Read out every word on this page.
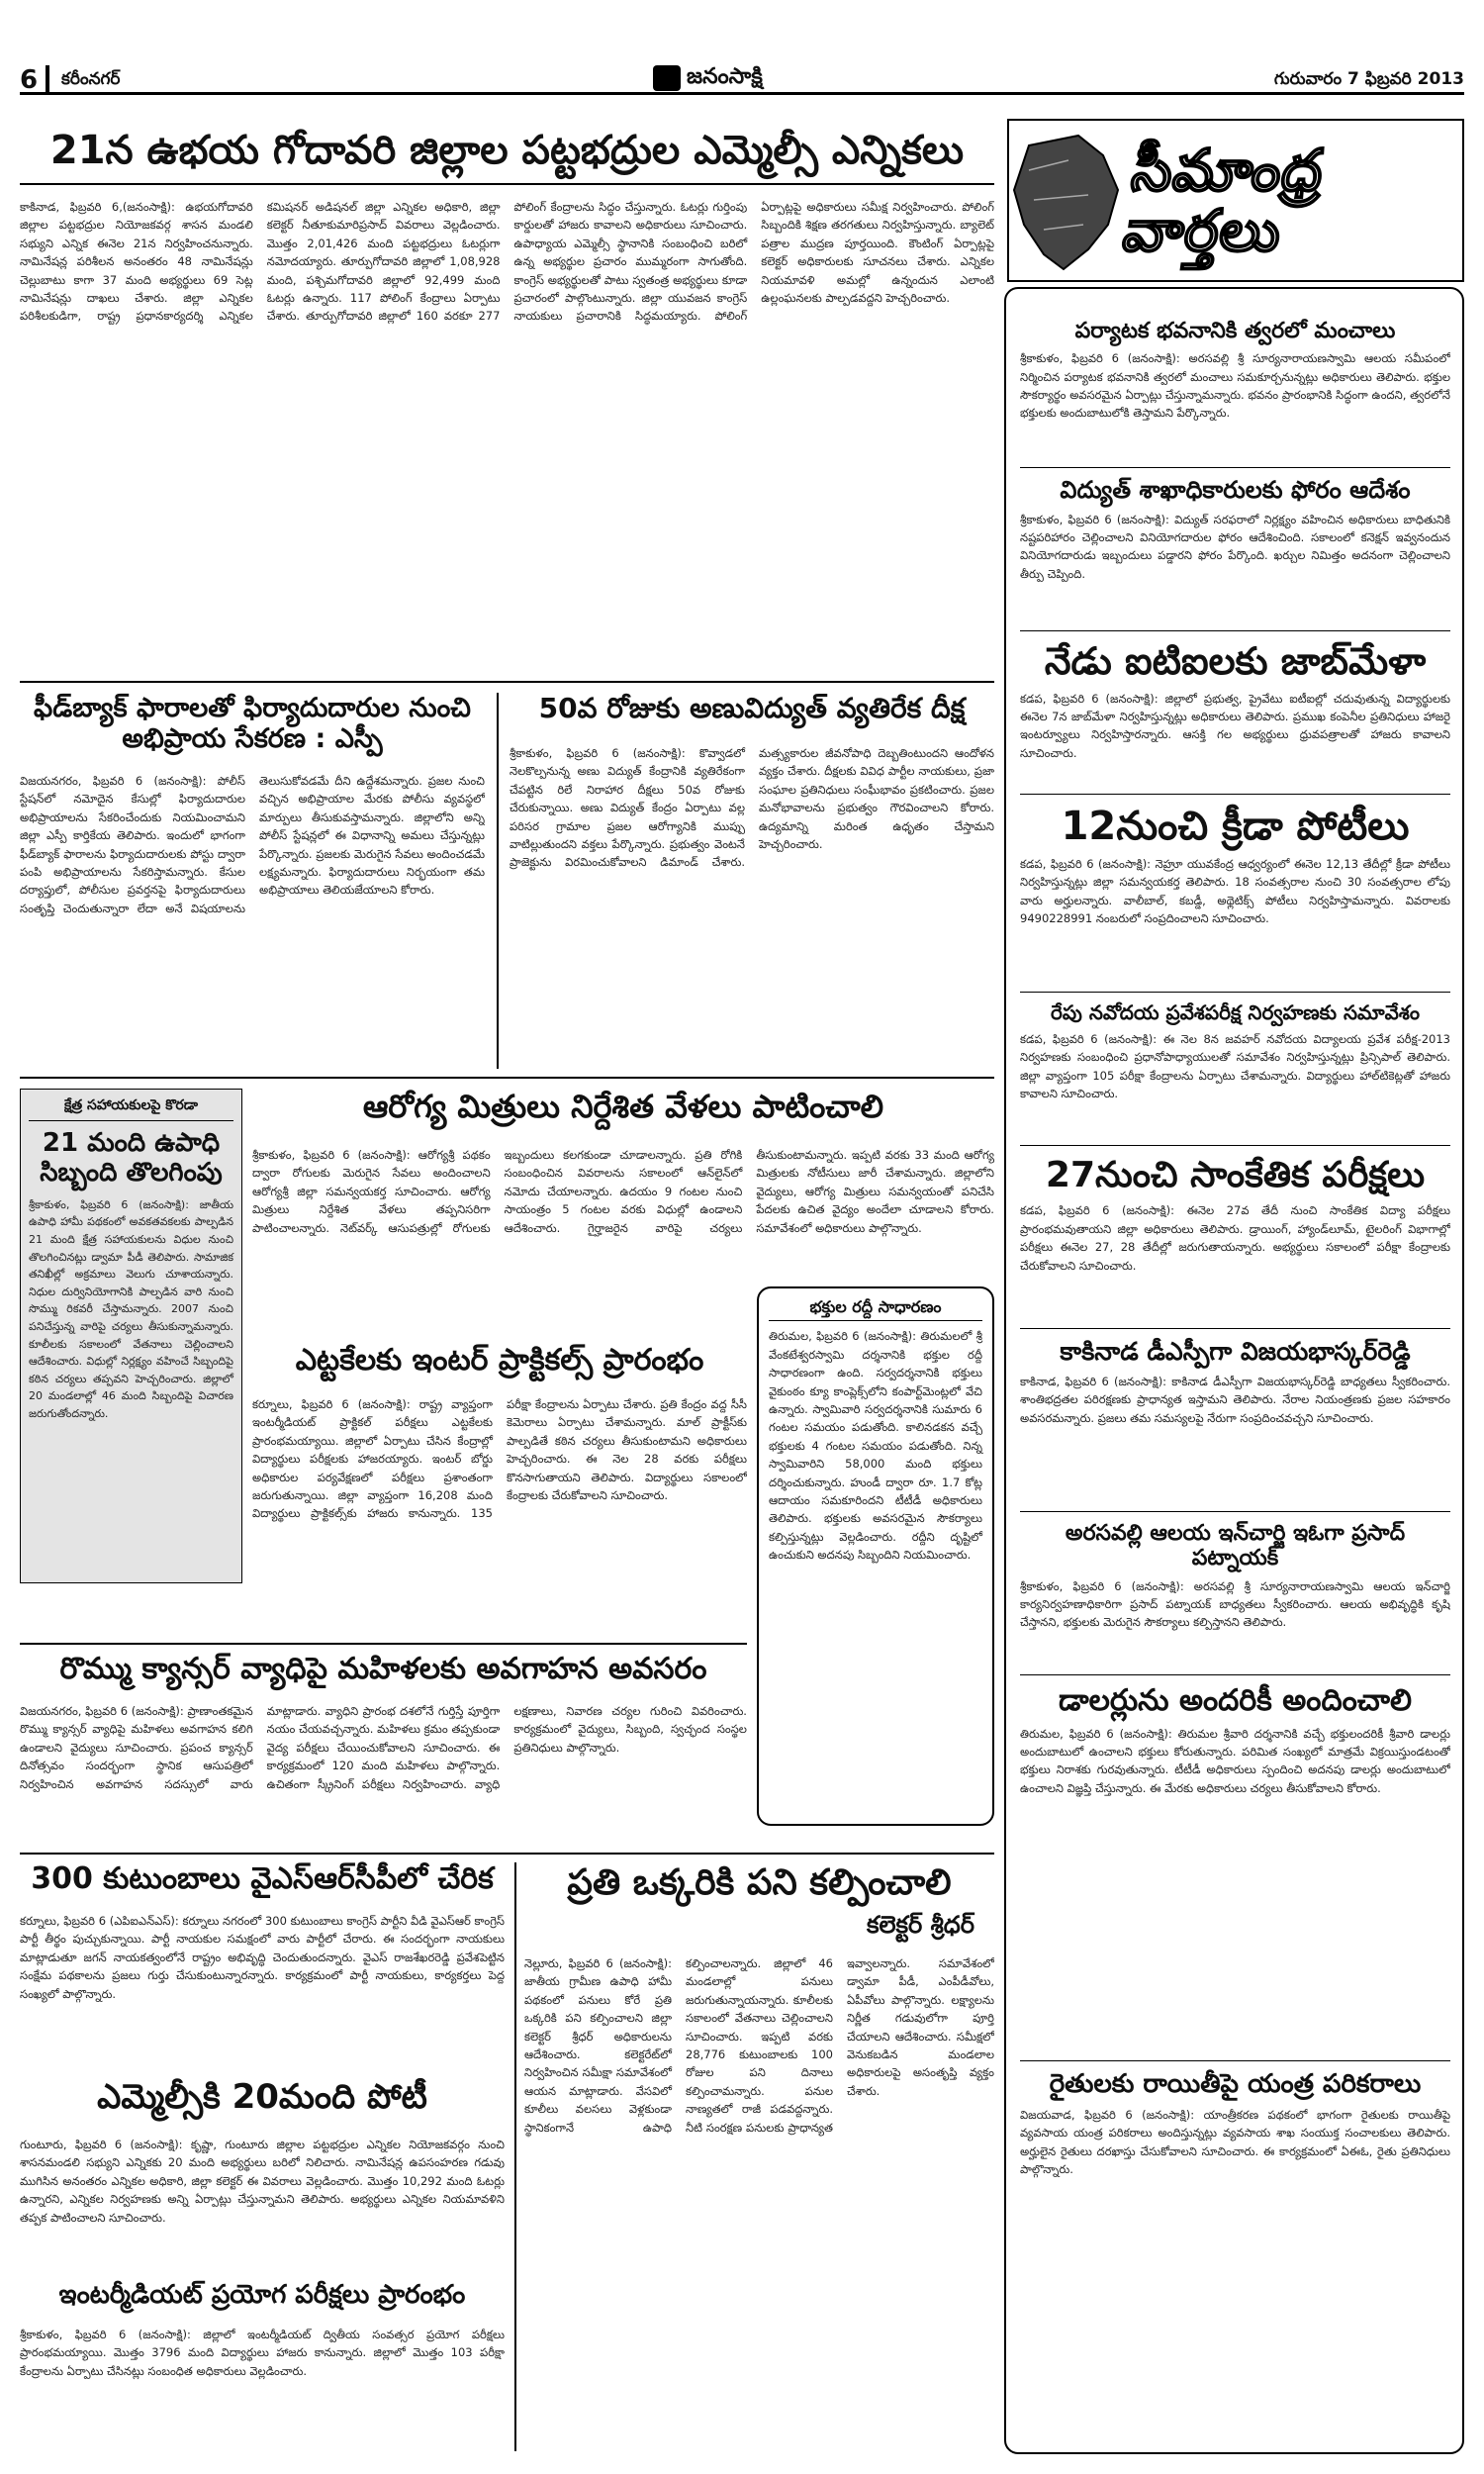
6 కరీంనగర్	జనంసాక్షి	గురువారం 7 ఫిబ్రవరి 2013
21న ఉభయ గోదావరి జిల్లాల పట్టభద్రుల ఎమ్మెల్సీ ఎన్నికలు
కాకినాడ, ఫిబ్రవరి 6,(జనంసాక్షి): ఉభయగోదావరి జిల్లాల పట్టభద్రుల నియోజకవర్గ శాసన మండలి సభ్యుని ఎన్నిక ఈనెల 21న నిర్వహించనున్నారు. నామినేషన్ల పరిశీలన అనంతరం 48 నామినేషన్లు చెల్లుబాటు కాగా 37 మంది అభ్యర్థులు 69 సెట్ల నామినేషన్లు దాఖలు చేశారు. జిల్లా ఎన్నికల పరిశీలకుడిగా, రాష్ట్ర ప్రధానకార్యదర్శి ఎన్నికల కమిషనర్ అడిషనల్ జిల్లా ఎన్నికల అధికారి, జిల్లా కలెక్టర్ నీతూకుమారిప్రసాద్ వివరాలు వెల్లడించారు. మొత్తం 2,01,426 మంది పట్టభద్రులు ఓటర్లుగా నమోదయ్యారు. తూర్పుగోదావరి జిల్లాలో 1,08,928 మంది, పశ్చిమగోదావరి జిల్లాలో 92,499 మంది ఓటర్లు ఉన్నారు. 117 పోలింగ్ కేంద్రాలు ఏర్పాటు చేశారు. తూర్పుగోదావరి జిల్లాలో 160 వరకూ 277 పోలింగ్ కేంద్రాలను సిద్ధం చేస్తున్నారు. ఓటర్లు గుర్తింపు కార్డులతో హాజరు కావాలని అధికారులు సూచించారు. ఉపాధ్యాయ ఎమ్మెల్సీ స్థానానికి సంబంధించి బరిలో ఉన్న అభ్యర్థుల ప్రచారం ముమ్మరంగా సాగుతోంది. కాంగ్రెస్ అభ్యర్థులతో పాటు స్వతంత్ర అభ్యర్థులు కూడా ప్రచారంలో పాల్గొంటున్నారు. జిల్లా యువజన కాంగ్రెస్ నాయకులు ప్రచారానికి సిద్ధమయ్యారు. పోలింగ్ ఏర్పాట్లపై అధికారులు సమీక్ష నిర్వహించారు. పోలింగ్ సిబ్బందికి శిక్షణ తరగతులు నిర్వహిస్తున్నారు. బ్యాలెట్ పత్రాల ముద్రణ పూర్తయింది. కౌంటింగ్ ఏర్పాట్లపై కలెక్టర్ అధికారులకు సూచనలు చేశారు. ఎన్నికల నియమావళి అమల్లో ఉన్నందున ఎలాంటి ఉల్లంఘనలకు పాల్పడవద్దని హెచ్చరించారు.
ఫీడ్‌బ్యాక్ ఫారాలతో ఫిర్యాదుదారుల నుంచి
అభిప్రాయ సేకరణ : ఎస్పీ
విజయనగరం, ఫిబ్రవరి 6 (జనంసాక్షి): పోలీస్ స్టేషన్‌లో నమోదైన కేసుల్లో ఫిర్యాదుదారుల అభిప్రాయాలను సేకరించేందుకు నియమించామని జిల్లా ఎస్పీ కార్తికేయ తెలిపారు. ఇందులో భాగంగా ఫీడ్‌బ్యాక్ ఫారాలను ఫిర్యాదుదారులకు పోస్టు ద్వారా పంపి అభిప్రాయాలను సేకరిస్తామన్నారు. కేసుల దర్యాప్తులో, పోలీసుల ప్రవర్తనపై ఫిర్యాదుదారులు సంతృప్తి చెందుతున్నారా లేదా అనే విషయాలను తెలుసుకోవడమే దీని ఉద్దేశమన్నారు. ప్రజల నుంచి వచ్చిన అభిప్రాయాల మేరకు పోలీసు వ్యవస్థలో మార్పులు తీసుకువస్తామన్నారు. జిల్లాలోని అన్ని పోలీస్ స్టేషన్లలో ఈ విధానాన్ని అమలు చేస్తున్నట్లు పేర్కొన్నారు. ప్రజలకు మెరుగైన సేవలు అందించడమే లక్ష్యమన్నారు. ఫిర్యాదుదారులు నిర్భయంగా తమ అభిప్రాయాలు తెలియజేయాలని కోరారు.
50వ రోజుకు అణువిద్యుత్ వ్యతిరేక దీక్ష
శ్రీకాకుళం, ఫిబ్రవరి 6 (జనంసాక్షి): కొవ్వాడలో నెలకొల్పనున్న అణు విద్యుత్ కేంద్రానికి వ్యతిరేకంగా చేపట్టిన రిలే నిరాహార దీక్షలు 50వ రోజుకు చేరుకున్నాయి. అణు విద్యుత్ కేంద్రం ఏర్పాటు వల్ల పరిసర గ్రామాల ప్రజల ఆరోగ్యానికి ముప్పు వాటిల్లుతుందని వక్తలు పేర్కొన్నారు. ప్రభుత్వం వెంటనే ప్రాజెక్టును విరమించుకోవాలని డిమాండ్ చేశారు. మత్స్యకారుల జీవనోపాధి దెబ్బతింటుందని ఆందోళన వ్యక్తం చేశారు. దీక్షలకు వివిధ పార్టీల నాయకులు, ప్రజా సంఘాల ప్రతినిధులు సంఘీభావం ప్రకటించారు. ప్రజల మనోభావాలను ప్రభుత్వం గౌరవించాలని కోరారు. ఉద్యమాన్ని మరింత ఉధృతం చేస్తామని హెచ్చరించారు.
క్షేత్ర సహాయకులపై కొరడా
21 మంది ఉపాధి సిబ్బంది తొలగింపు
శ్రీకాకుళం, ఫిబ్రవరి 6 (జనంసాక్షి): జాతీయ ఉపాధి హామీ పథకంలో అవకతవకలకు పాల్పడిన 21 మంది క్షేత్ర సహాయకులను విధుల నుంచి తొలగించినట్లు డ్వామా పీడీ తెలిపారు. సామాజిక తనిఖీల్లో అక్రమాలు వెలుగు చూశాయన్నారు. నిధుల దుర్వినియోగానికి పాల్పడిన వారి నుంచి సొమ్ము రికవరీ చేస్తామన్నారు. 2007 నుంచి పనిచేస్తున్న వారిపై చర్యలు తీసుకున్నామన్నారు. కూలీలకు సకాలంలో వేతనాలు చెల్లించాలని ఆదేశించారు. విధుల్లో నిర్లక్ష్యం వహించే సిబ్బందిపై కఠిన చర్యలు తప్పవని హెచ్చరించారు. జిల్లాలో 20 మండలాల్లో 46 మంది సిబ్బందిపై విచారణ జరుగుతోందన్నారు.
ఆరోగ్య మిత్రులు నిర్దేశిత వేళలు పాటించాలి
శ్రీకాకుళం, ఫిబ్రవరి 6 (జనంసాక్షి): ఆరోగ్యశ్రీ పథకం ద్వారా రోగులకు మెరుగైన సేవలు అందించాలని ఆరోగ్యశ్రీ జిల్లా సమన్వయకర్త సూచించారు. ఆరోగ్య మిత్రులు నిర్దేశిత వేళలు తప్పనిసరిగా పాటించాలన్నారు. నెట్‌వర్క్ ఆసుపత్రుల్లో రోగులకు ఇబ్బందులు కలగకుండా చూడాలన్నారు. ప్రతి రోగికి సంబంధించిన వివరాలను సకాలంలో ఆన్‌లైన్‌లో నమోదు చేయాలన్నారు. ఉదయం 9 గంటల నుంచి సాయంత్రం 5 గంటల వరకు విధుల్లో ఉండాలని ఆదేశించారు. గైర్హాజరైన వారిపై చర్యలు తీసుకుంటామన్నారు. ఇప్పటి వరకు 33 మంది ఆరోగ్య మిత్రులకు నోటీసులు జారీ చేశామన్నారు. జిల్లాలోని వైద్యులు, ఆరోగ్య మిత్రులు సమన్వయంతో పనిచేసి పేదలకు ఉచిత వైద్యం అందేలా చూడాలని కోరారు. సమావేశంలో అధికారులు పాల్గొన్నారు.
ఎట్టకేలకు ఇంటర్ ప్రాక్టికల్స్ ప్రారంభం
కర్నూలు, ఫిబ్రవరి 6 (జనంసాక్షి): రాష్ట్ర వ్యాప్తంగా ఇంటర్మీడియట్ ప్రాక్టికల్ పరీక్షలు ఎట్టకేలకు ప్రారంభమయ్యాయి. జిల్లాలో ఏర్పాటు చేసిన కేంద్రాల్లో విద్యార్థులు పరీక్షలకు హాజరయ్యారు. ఇంటర్ బోర్డు అధికారుల పర్యవేక్షణలో పరీక్షలు ప్రశాంతంగా జరుగుతున్నాయి. జిల్లా వ్యాప్తంగా 16,208 మంది విద్యార్థులు ప్రాక్టికల్స్‌కు హాజరు కానున్నారు. 135 పరీక్షా కేంద్రాలను ఏర్పాటు చేశారు. ప్రతి కేంద్రం వద్ద సీసీ కెమెరాలు ఏర్పాటు చేశామన్నారు. మాల్ ప్రాక్టీస్‌కు పాల్పడితే కఠిన చర్యలు తీసుకుంటామని అధికారులు హెచ్చరించారు. ఈ నెల 28 వరకు పరీక్షలు కొనసాగుతాయని తెలిపారు. విద్యార్థులు సకాలంలో కేంద్రాలకు చేరుకోవాలని సూచించారు.
భక్తుల రద్దీ సాధారణం
తిరుమల, ఫిబ్రవరి 6 (జనంసాక్షి): తిరుమలలో శ్రీ వేంకటేశ్వరస్వామి దర్శనానికి భక్తుల రద్దీ సాధారణంగా ఉంది. సర్వదర్శనానికి భక్తులు వైకుంఠం క్యూ కాంప్లెక్స్‌లోని కంపార్ట్‌మెంట్లలో వేచి ఉన్నారు. స్వామివారి సర్వదర్శనానికి సుమారు 6 గంటల సమయం పడుతోంది. కాలినడకన వచ్చే భక్తులకు 4 గంటల సమయం పడుతోంది. నిన్న స్వామివారిని 58,000 మంది భక్తులు దర్శించుకున్నారు. హుండీ ద్వారా రూ. 1.7 కోట్ల ఆదాయం సమకూరిందని టీటీడీ అధికారులు తెలిపారు. భక్తులకు అవసరమైన సౌకర్యాలు కల్పిస్తున్నట్లు వెల్లడించారు. రద్దీని దృష్టిలో ఉంచుకుని అదనపు సిబ్బందిని నియమించారు.
రొమ్ము క్యాన్సర్ వ్యాధిపై మహిళలకు అవగాహన అవసరం
విజయనగరం, ఫిబ్రవరి 6 (జనంసాక్షి): ప్రాణాంతకమైన రొమ్ము క్యాన్సర్ వ్యాధిపై మహిళలు అవగాహన కలిగి ఉండాలని వైద్యులు సూచించారు. ప్రపంచ క్యాన్సర్ దినోత్సవం సందర్భంగా స్థానిక ఆసుపత్రిలో నిర్వహించిన అవగాహన సదస్సులో వారు మాట్లాడారు. వ్యాధిని ప్రారంభ దశలోనే గుర్తిస్తే పూర్తిగా నయం చేయవచ్చన్నారు. మహిళలు క్రమం తప్పకుండా వైద్య పరీక్షలు చేయించుకోవాలని సూచించారు. ఈ కార్యక్రమంలో 120 మంది మహిళలు పాల్గొన్నారు. ఉచితంగా స్క్రీనింగ్ పరీక్షలు నిర్వహించారు. వ్యాధి లక్షణాలు, నివారణ చర్యల గురించి వివరించారు. కార్యక్రమంలో వైద్యులు, సిబ్బంది, స్వచ్ఛంద సంస్థల ప్రతినిధులు పాల్గొన్నారు.
300 కుటుంబాలు వైఎస్‌ఆర్‌సీపీలో చేరిక
కర్నూలు, ఫిబ్రవరి 6 (ఎపిఐఎన్ఎస్): కర్నూలు నగరంలో 300 కుటుంబాలు కాంగ్రెస్ పార్టీని వీడి వైఎస్‌ఆర్ కాంగ్రెస్ పార్టీ తీర్థం పుచ్చుకున్నాయి. పార్టీ నాయకుల సమక్షంలో వారు పార్టీలో చేరారు. ఈ సందర్భంగా నాయకులు మాట్లాడుతూ జగన్ నాయకత్వంలోనే రాష్ట్రం అభివృద్ధి చెందుతుందన్నారు. వైఎస్ రాజశేఖరరెడ్డి ప్రవేశపెట్టిన సంక్షేమ పథకాలను ప్రజలు గుర్తు చేసుకుంటున్నారన్నారు. కార్యక్రమంలో పార్టీ నాయకులు, కార్యకర్తలు పెద్ద సంఖ్యలో పాల్గొన్నారు.
ఎమ్మెల్సీకి 20మంది పోటీ
గుంటూరు, ఫిబ్రవరి 6 (జనంసాక్షి): కృష్ణా, గుంటూరు జిల్లాల పట్టభద్రుల ఎన్నికల నియోజకవర్గం నుంచి శాసనమండలి సభ్యుని ఎన్నికకు 20 మంది అభ్యర్థులు బరిలో నిలిచారు. నామినేషన్ల ఉపసంహరణ గడువు ముగిసిన అనంతరం ఎన్నికల అధికారి, జిల్లా కలెక్టర్ ఈ వివరాలు వెల్లడించారు. మొత్తం 10,292 మంది ఓటర్లు ఉన్నారని, ఎన్నికల నిర్వహణకు అన్ని ఏర్పాట్లు చేస్తున్నామని తెలిపారు. అభ్యర్థులు ఎన్నికల నియమావళిని తప్పక పాటించాలని సూచించారు.
ఇంటర్మీడియట్ ప్రయోగ పరీక్షలు ప్రారంభం
శ్రీకాకుళం, ఫిబ్రవరి 6 (జనంసాక్షి): జిల్లాలో ఇంటర్మీడియట్ ద్వితీయ సంవత్సర ప్రయోగ పరీక్షలు ప్రారంభమయ్యాయి. మొత్తం 3796 మంది విద్యార్థులు హాజరు కానున్నారు. జిల్లాలో మొత్తం 103 పరీక్షా కేంద్రాలను ఏర్పాటు చేసినట్లు సంబంధిత అధికారులు వెల్లడించారు.
ప్రతి ఒక్కరికి పని కల్పించాలి
కలెక్టర్ శ్రీధర్
నెల్లూరు, ఫిబ్రవరి 6 (జనంసాక్షి): జాతీయ గ్రామీణ ఉపాధి హామీ పథకంలో పనులు కోరే ప్రతి ఒక్కరికి పని కల్పించాలని జిల్లా కలెక్టర్ శ్రీధర్ అధికారులను ఆదేశించారు. కలెక్టరేట్‌లో నిర్వహించిన సమీక్షా సమావేశంలో ఆయన మాట్లాడారు. వేసవిలో కూలీలు వలసలు వెళ్లకుండా స్థానికంగానే ఉపాధి కల్పించాలన్నారు. జిల్లాలో 46 మండలాల్లో పనులు జరుగుతున్నాయన్నారు. కూలీలకు సకాలంలో వేతనాలు చెల్లించాలని సూచించారు. ఇప్పటి వరకు 28,776 కుటుంబాలకు 100 రోజుల పని దినాలు కల్పించామన్నారు. పనుల నాణ్యతలో రాజీ పడవద్దన్నారు. నీటి సంరక్షణ పనులకు ప్రాధాన్యత ఇవ్వాలన్నారు. సమావేశంలో డ్వామా పీడీ, ఎంపీడీవోలు, ఏపీవోలు పాల్గొన్నారు. లక్ష్యాలను నిర్ణీత గడువులోగా పూర్తి చేయాలని ఆదేశించారు. సమీక్షలో వెనుకబడిన మండలాల అధికారులపై అసంతృప్తి వ్యక్తం చేశారు.
సీమాంధ్ర వార్తలు
పర్యాటక భవనానికి త్వరలో మంచాలు
శ్రీకాకుళం, ఫిబ్రవరి 6 (జనంసాక్షి): అరసవల్లి శ్రీ సూర్యనారాయణస్వామి ఆలయ సమీపంలో నిర్మించిన పర్యాటక భవనానికి త్వరలో మంచాలు సమకూర్చనున్నట్లు అధికారులు తెలిపారు. భక్తుల సౌకర్యార్థం అవసరమైన ఏర్పాట్లు చేస్తున్నామన్నారు. భవనం ప్రారంభానికి సిద్ధంగా ఉందని, త్వరలోనే భక్తులకు అందుబాటులోకి తెస్తామని పేర్కొన్నారు.
విద్యుత్ శాఖాధికారులకు ఫోరం ఆదేశం
శ్రీకాకుళం, ఫిబ్రవరి 6 (జనంసాక్షి): విద్యుత్ సరఫరాలో నిర్లక్ష్యం వహించిన అధికారులు బాధితునికి నష్టపరిహారం చెల్లించాలని వినియోగదారుల ఫోరం ఆదేశించింది. సకాలంలో కనెక్షన్ ఇవ్వనందున వినియోగదారుడు ఇబ్బందులు పడ్డారని ఫోరం పేర్కొంది. ఖర్చుల నిమిత్తం అదనంగా చెల్లించాలని తీర్పు చెప్పింది.
నేడు ఐటిఐలకు జాబ్‌మేళా
కడప, ఫిబ్రవరి 6 (జనంసాక్షి): జిల్లాలో ప్రభుత్వ, ప్రైవేటు ఐటీఐల్లో చదువుతున్న విద్యార్థులకు ఈనెల 7న జాబ్‌మేళా నిర్వహిస్తున్నట్లు అధికారులు తెలిపారు. ప్రముఖ కంపెనీల ప్రతినిధులు హాజరై ఇంటర్వ్యూలు నిర్వహిస్తారన్నారు. ఆసక్తి గల అభ్యర్థులు ధ్రువపత్రాలతో హాజరు కావాలని సూచించారు.
12నుంచి క్రీడా పోటీలు
కడప, ఫిబ్రవరి 6 (జనంసాక్షి): నెహ్రూ యువకేంద్ర ఆధ్వర్యంలో ఈనెల 12,13 తేదీల్లో క్రీడా పోటీలు నిర్వహిస్తున్నట్లు జిల్లా సమన్వయకర్త తెలిపారు. 18 సంవత్సరాల నుంచి 30 సంవత్సరాల లోపు వారు అర్హులన్నారు. వాలీబాల్, కబడ్డీ, అథ్లెటిక్స్ పోటీలు నిర్వహిస్తామన్నారు. వివరాలకు 9490228991 నంబరులో సంప్రదించాలని సూచించారు.
రేపు నవోదయ ప్రవేశపరీక్ష నిర్వహణకు సమావేశం
కడప, ఫిబ్రవరి 6 (జనంసాక్షి): ఈ నెల 8న జవహర్ నవోదయ విద్యాలయ ప్రవేశ పరీక్ష-2013 నిర్వహణకు సంబంధించి ప్రధానోపాధ్యాయులతో సమావేశం నిర్వహిస్తున్నట్లు ప్రిన్సిపాల్ తెలిపారు. జిల్లా వ్యాప్తంగా 105 పరీక్షా కేంద్రాలను ఏర్పాటు చేశామన్నారు. విద్యార్థులు హాల్‌టికెట్లతో హాజరు కావాలని సూచించారు.
27నుంచి సాంకేతిక పరీక్షలు
కడప, ఫిబ్రవరి 6 (జనంసాక్షి): ఈనెల 27వ తేదీ నుంచి సాంకేతిక విద్యా పరీక్షలు ప్రారంభమవుతాయని జిల్లా అధికారులు తెలిపారు. డ్రాయింగ్, హ్యాండ్‌లూమ్, టైలరింగ్ విభాగాల్లో పరీక్షలు ఈనెల 27, 28 తేదీల్లో జరుగుతాయన్నారు. అభ్యర్థులు సకాలంలో పరీక్షా కేంద్రాలకు చేరుకోవాలని సూచించారు.
కాకినాడ డీఎస్పీగా విజయభాస్కర్‌రెడ్డి
కాకినాడ, ఫిబ్రవరి 6 (జనంసాక్షి): కాకినాడ డీఎస్పీగా విజయభాస్కర్‌రెడ్డి బాధ్యతలు స్వీకరించారు. శాంతిభద్రతల పరిరక్షణకు ప్రాధాన్యత ఇస్తామని తెలిపారు. నేరాల నియంత్రణకు ప్రజల సహకారం అవసరమన్నారు. ప్రజలు తమ సమస్యలపై నేరుగా సంప్రదించవచ్చని సూచించారు.
అరసవల్లి ఆలయ ఇన్‌చార్జి ఇఓగా ప్రసాద్ పట్నాయక్
శ్రీకాకుళం, ఫిబ్రవరి 6 (జనంసాక్షి): అరసవల్లి శ్రీ సూర్యనారాయణస్వామి ఆలయ ఇన్‌చార్జి కార్యనిర్వహణాధికారిగా ప్రసాద్ పట్నాయక్ బాధ్యతలు స్వీకరించారు. ఆలయ అభివృద్ధికి కృషి చేస్తానని, భక్తులకు మెరుగైన సౌకర్యాలు కల్పిస్తానని తెలిపారు.
డాలర్లును అందరికీ అందించాలి
తిరుమల, ఫిబ్రవరి 6 (జనంసాక్షి): తిరుమల శ్రీవారి దర్శనానికి వచ్చే భక్తులందరికీ శ్రీవారి డాలర్లు అందుబాటులో ఉంచాలని భక్తులు కోరుతున్నారు. పరిమిత సంఖ్యలో మాత్రమే విక్రయిస్తుండటంతో భక్తులు నిరాశకు గురవుతున్నారు. టీటీడీ అధికారులు స్పందించి అదనపు డాలర్లు అందుబాటులో ఉంచాలని విజ్ఞప్తి చేస్తున్నారు. ఈ మేరకు అధికారులు చర్యలు తీసుకోవాలని కోరారు.
రైతులకు రాయితీపై యంత్ర పరికరాలు
విజయవాడ, ఫిబ్రవరి 6 (జనంసాక్షి): యాంత్రీకరణ పథకంలో భాగంగా రైతులకు రాయితీపై వ్యవసాయ యంత్ర పరికరాలు అందిస్తున్నట్లు వ్యవసాయ శాఖ సంయుక్త సంచాలకులు తెలిపారు. అర్హులైన రైతులు దరఖాస్తు చేసుకోవాలని సూచించారు. ఈ కార్యక్రమంలో ఏఈఓ, రైతు ప్రతినిధులు పాల్గొన్నారు.
